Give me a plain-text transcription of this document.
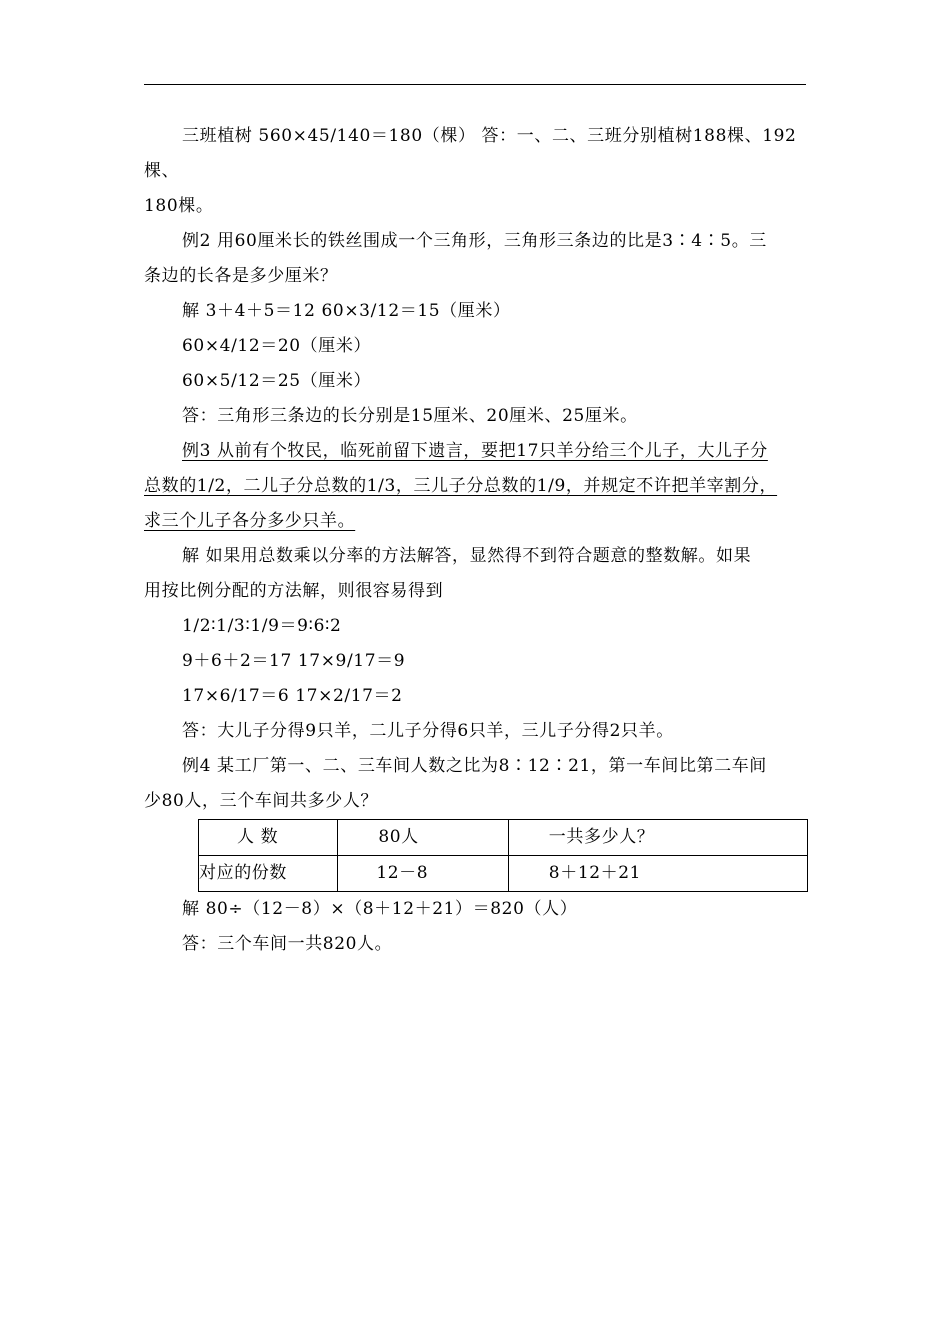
三班植树 560×45/140＝180（棵） 答：一、二、三班分别植树188棵、192棵、

180棵。

例2 用60厘米长的铁丝围成一个三角形，三角形三条边的比是3∶4∶5。三

条边的长各是多少厘米？

解 3＋4＋5＝12 60×3/12＝15（厘米）

60×4/12＝20（厘米）

60×5/12＝25（厘米）

答：三角形三条边的长分别是15厘米、20厘米、25厘米。

例3 从前有个牧民，临死前留下遗言，要把17只羊分给三个儿子，大儿子分

总数的1/2，二儿子分总数的1/3，三儿子分总数的1/9，并规定不许把羊宰割分，

求三个儿子各分多少只羊。

解 如果用总数乘以分率的方法解答，显然得不到符合题意的整数解。如果

用按比例分配的方法解，则很容易得到

1/2∶1/3∶1/9＝9∶6∶2

9＋6＋2＝17 17×9/17＝9

17×6/17＝6 17×2/17＝2

答：大儿子分得9只羊，二儿子分得6只羊，三儿子分得2只羊。

例4 某工厂第一、二、三车间人数之比为8∶12∶21，第一车间比第二车间

少80人，三个车间共多少人？

人 数	80人	一共多少人？
对应的份数	12－8	8＋12＋21

解 80÷（12－8）×（8＋12＋21）＝820（人）

答：三个车间一共820人。
